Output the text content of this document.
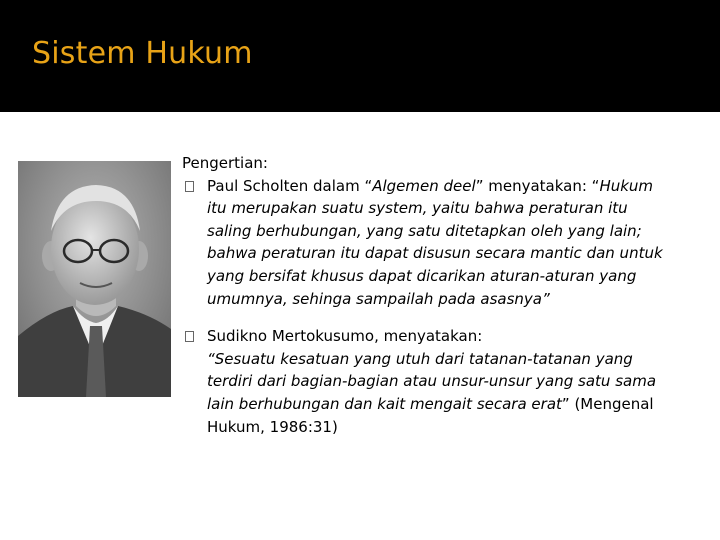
Sistem Hukum

Pengertian:

Paul Scholten dalam “Algemen deel” menyatakan: “Hukum
itu merupakan suatu system, yaitu bahwa peraturan itu
saling berhubungan, yang satu ditetapkan oleh yang lain;
bahwa peraturan itu dapat disusun secara mantic dan untuk
yang bersifat khusus dapat dicarikan aturan-aturan yang
umumnya, sehinga sampailah pada asasnya”
Sudikno Mertokusumo, menyatakan:
“Sesuatu kesatuan yang utuh dari tatanan-tatanan yang
terdiri dari bagian-bagian atau unsur-unsur yang satu sama
lain berhubungan dan kait mengait secara erat” (Mengenal
Hukum, 1986:31)
